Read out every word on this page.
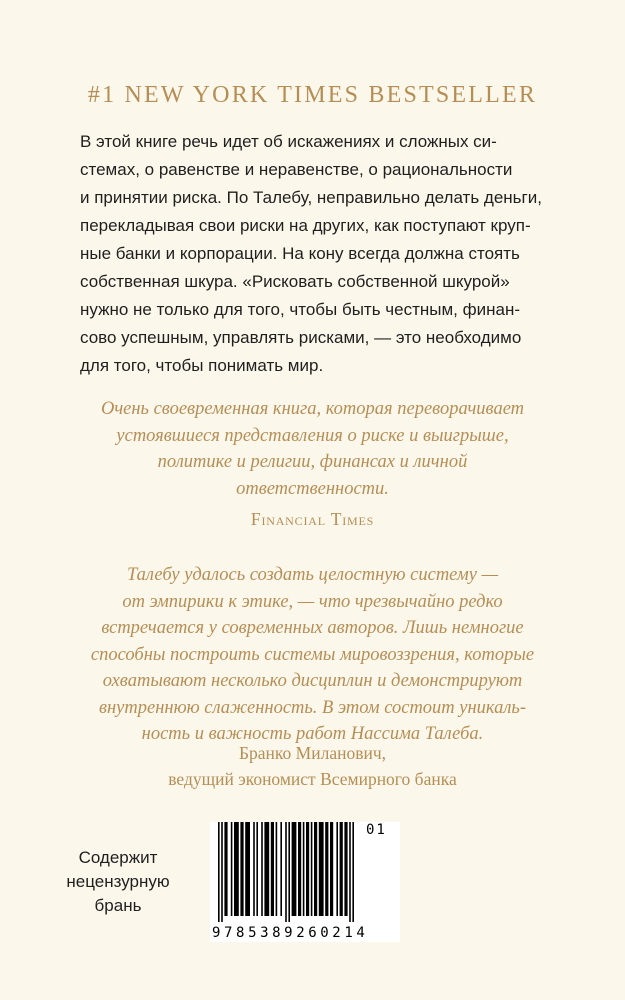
#1 NEW YORK TIMES BESTSELLER

В этой книге речь идет об искажениях и сложных си-
стемах, о равенстве и неравенстве, о рациональности
и принятии риска. По Талебу, неправильно делать деньги,
перекладывая свои риски на других, как поступают круп-
ные банки и корпорации. На кону всегда должна стоять
собственная шкура. «Рисковать собственной шкурой»
нужно не только для того, чтобы быть честным, финан-
сово успешным, управлять рисками, — это необходимо
для того, чтобы понимать мир.

Очень своевременная книга, которая переворачивает
устоявшиеся представления о риске и выигрыше,
политике и религии, финансах и личной
ответственности.

Financial Times

Талебу удалось создать целостную систему —
от эмпирики к этике, — что чрезвычайно редко
встречается у современных авторов. Лишь немногие
способны построить системы мировоззрения, которые
охватывают несколько дисциплин и демонстрируют
внутреннюю слаженность. В этом состоит уникаль-
ность и важность работ Нассима Талеба.

Бранко Миланович,
ведущий экономист Всемирного банка
Содержит
нецензурную
брань
9785389260214
01
